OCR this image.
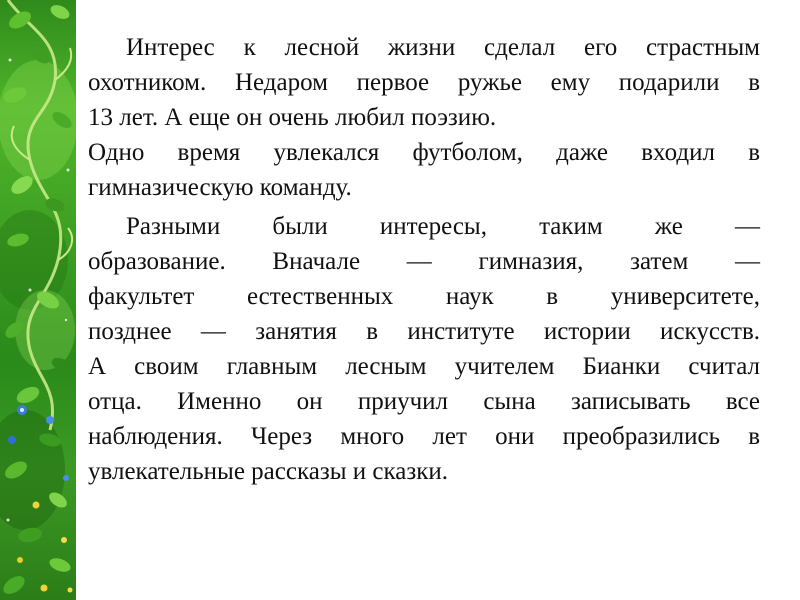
Интерес к лесной жизни сделал его страстным
охотником. Недаром первое ружье ему подарили в
13 лет. А еще он очень любил поэзию.
Одно время увлекался футболом, даже входил в
гимназическую команду.
Разными были интересы, таким же —
образование. Вначале — гимназия, затем —
факультет естественных наук в университете,
позднее — занятия в институте истории искусств.
А своим главным лесным учителем Бианки считал
отца. Именно он приучил сына записывать все
наблюдения. Через много лет они преобразились в
увлекательные рассказы и сказки.
